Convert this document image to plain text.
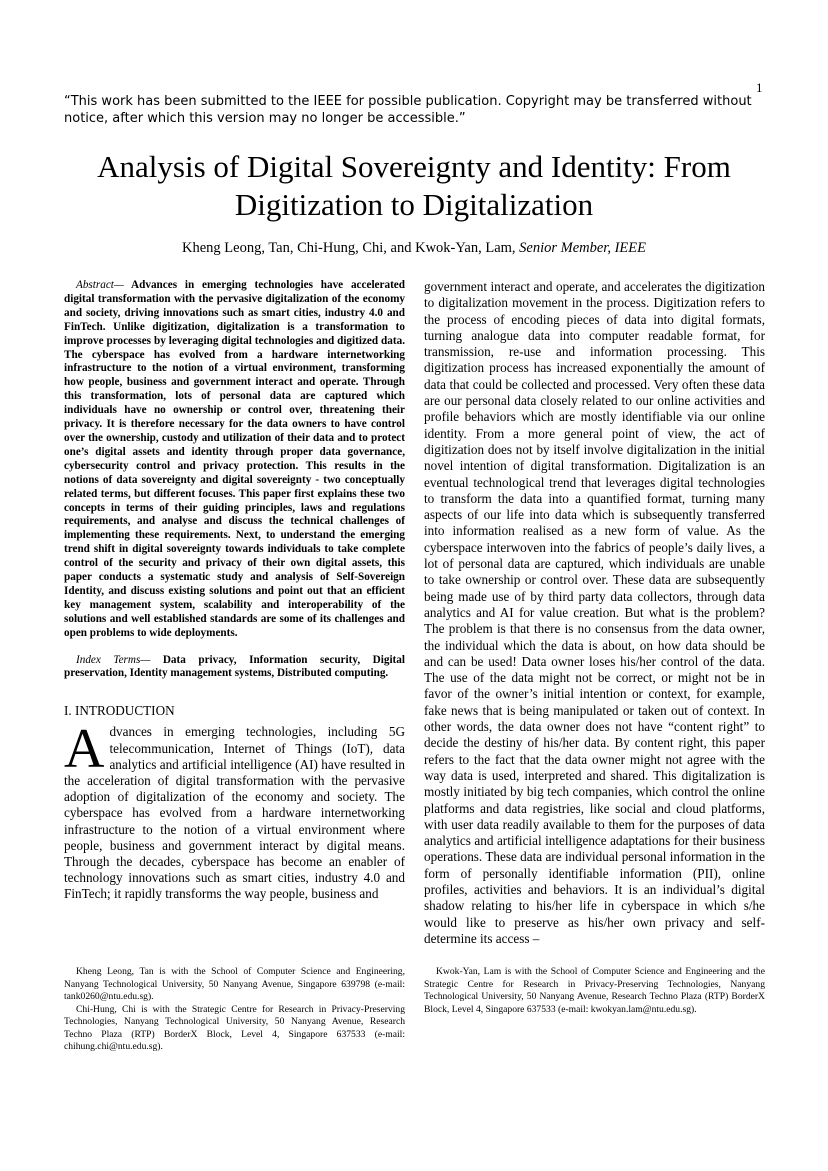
1
“This work has been submitted to the IEEE for possible publication. Copyright may be transferred without notice, after which this version may no longer be accessible.”
Analysis of Digital Sovereignty and Identity: From Digitization to Digitalization
Kheng Leong, Tan, Chi-Hung, Chi, and Kwok-Yan, Lam, Senior Member, IEEE

Abstract— Advances in emerging technologies have accelerated digital transformation with the pervasive digitalization of the economy and society, driving innovations such as smart cities, industry 4.0 and FinTech. Unlike digitization, digitalization is a transformation to improve processes by leveraging digital technologies and digitized data. The cyberspace has evolved from a hardware internetworking infrastructure to the notion of a virtual environment, transforming how people, business and government interact and operate. Through this transformation, lots of personal data are captured which individuals have no ownership or control over, threatening their privacy. It is therefore necessary for the data owners to have control over the ownership, custody and utilization of their data and to protect one’s digital assets and identity through proper data governance, cybersecurity control and privacy protection. This results in the notions of data sovereignty and digital sovereignty - two conceptually related terms, but different focuses. This paper first explains these two concepts in terms of their guiding principles, laws and regulations requirements, and analyse and discuss the technical challenges of implementing these requirements. Next, to understand the emerging trend shift in digital sovereignty towards individuals to take complete control of the security and privacy of their own digital assets, this paper conducts a systematic study and analysis of Self-Sovereign Identity, and discuss existing solutions and point out that an efficient key management system, scalability and interoperability of the solutions and well established standards are some of its challenges and open problems to wide deployments.

Index Terms— Data privacy, Information security, Digital preservation, Identity management systems, Distributed computing.

I. INTRODUCTION

Advances in emerging technologies, including 5G telecommunication, Internet of Things (IoT), data analytics and artificial intelligence (AI) have resulted in the acceleration of digital transformation with the pervasive adoption of digitalization of the economy and society. The cyberspace has evolved from a hardware internetworking infrastructure to the notion of a virtual environment where people, business and government interact by digital means. Through the decades, cyberspace has become an enabler of technology innovations such as smart cities, industry 4.0 and FinTech; it rapidly transforms the way people, business and

government interact and operate, and accelerates the digitization to digitalization movement in the process. Digitization refers to the process of encoding pieces of data into digital formats, turning analogue data into computer readable format, for transmission, re-use and information processing. This digitization process has increased exponentially the amount of data that could be collected and processed. Very often these data are our personal data closely related to our online activities and profile behaviors which are mostly identifiable via our online identity. From a more general point of view, the act of digitization does not by itself involve digitalization in the initial novel intention of digital transformation. Digitalization is an eventual technological trend that leverages digital technologies to transform the data into a quantified format, turning many aspects of our life into data which is subsequently transferred into information realised as a new form of value. As the cyberspace interwoven into the fabrics of people’s daily lives, a lot of personal data are captured, which individuals are unable to take ownership or control over. These data are subsequently being made use of by third party data collectors, through data analytics and AI for value creation. But what is the problem? The problem is that there is no consensus from the data owner, the individual which the data is about, on how data should be and can be used! Data owner loses his/her control of the data. The use of the data might not be correct, or might not be in favor of the owner’s initial intention or context, for example, fake news that is being manipulated or taken out of context. In other words, the data owner does not have “content right” to decide the destiny of his/her data. By content right, this paper refers to the fact that the data owner might not agree with the way data is used, interpreted and shared. This digitalization is mostly initiated by big tech companies, which control the online platforms and data registries, like social and cloud platforms, with user data readily available to them for the purposes of data analytics and artificial intelligence adaptations for their business operations. These data are individual personal information in the form of personally identifiable information (PII), online profiles, activities and behaviors. It is an individual’s digital shadow relating to his/her life in cyberspace in which s/he would like to preserve as his/her own privacy and self-determine its access –

Kheng Leong, Tan is with the School of Computer Science and Engineering, Nanyang Technological University, 50 Nanyang Avenue, Singapore 639798 (e-mail: tank0260@ntu.edu.sg).

Chi-Hung, Chi is with the Strategic Centre for Research in Privacy-Preserving Technologies, Nanyang Technological University, 50 Nanyang Avenue, Research Techno Plaza (RTP) BorderX Block, Level 4, Singapore 637533 (e-mail: chihung.chi@ntu.edu.sg).

Kwok-Yan, Lam is with the School of Computer Science and Engineering and the Strategic Centre for Research in Privacy-Preserving Technologies, Nanyang Technological University, 50 Nanyang Avenue, Research Techno Plaza (RTP) BorderX Block, Level 4, Singapore 637533 (e-mail: kwokyan.lam@ntu.edu.sg).
